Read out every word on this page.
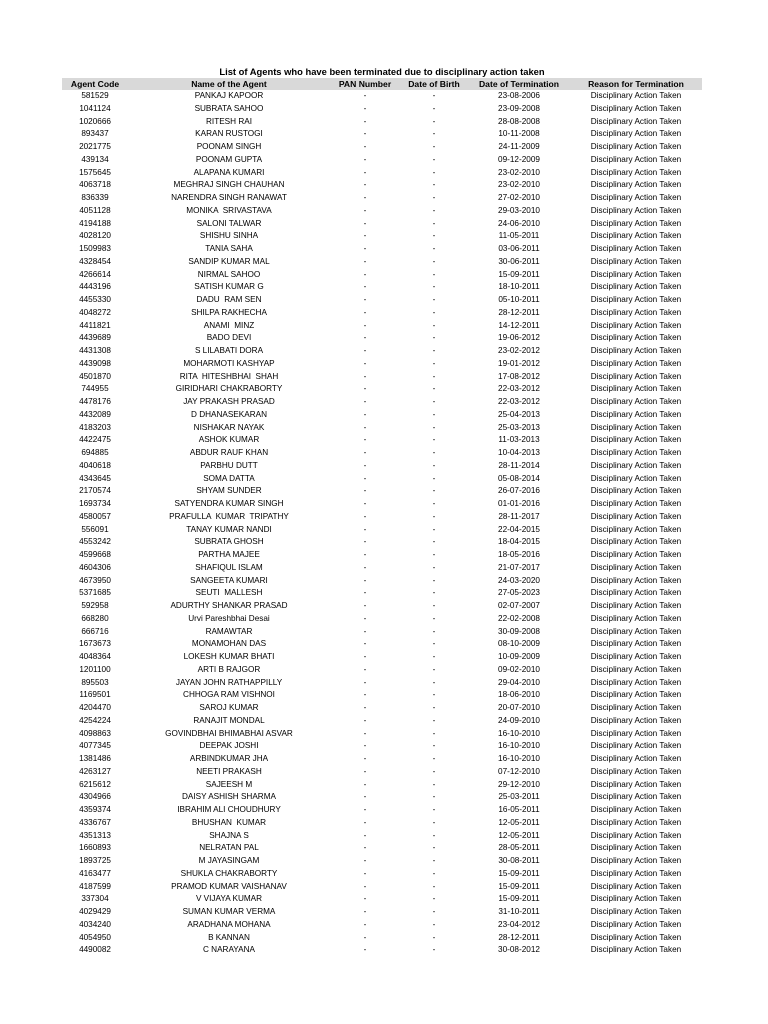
List of Agents who have been terminated due to disciplinary action taken
Agent Code	Name of the Agent	PAN Number	Date of Birth	Date of Termination	Reason for Termination
581529	PANKAJ KAPOOR	-	-	23-08-2006	Disciplinary Action Taken
1041124	SUBRATA SAHOO	-	-	23-09-2008	Disciplinary Action Taken
1020666	RITESH RAI	-	-	28-08-2008	Disciplinary Action Taken
893437	KARAN RUSTOGI	-	-	10-11-2008	Disciplinary Action Taken
2021775	POONAM SINGH	-	-	24-11-2009	Disciplinary Action Taken
439134	POONAM GUPTA	-	-	09-12-2009	Disciplinary Action Taken
1575645	ALAPANA KUMARI	-	-	23-02-2010	Disciplinary Action Taken
4063718	MEGHRAJ SINGH CHAUHAN	-	-	23-02-2010	Disciplinary Action Taken
836339	NARENDRA SINGH RANAWAT	-	-	27-02-2010	Disciplinary Action Taken
4051128	MONIKA  SRIVASTAVA	-	-	29-03-2010	Disciplinary Action Taken
4194188	SALONI TALWAR	-	-	24-06-2010	Disciplinary Action Taken
4028120	SHISHU SINHA	-	-	11-05-2011	Disciplinary Action Taken
1509983	TANIA SAHA	-	-	03-06-2011	Disciplinary Action Taken
4328454	SANDIP KUMAR MAL	-	-	30-06-2011	Disciplinary Action Taken
4266614	NIRMAL SAHOO	-	-	15-09-2011	Disciplinary Action Taken
4443196	SATISH KUMAR G	-	-	18-10-2011	Disciplinary Action Taken
4455330	DADU  RAM SEN	-	-	05-10-2011	Disciplinary Action Taken
4048272	SHILPA RAKHECHA	-	-	28-12-2011	Disciplinary Action Taken
4411821	ANAMI  MINZ	-	-	14-12-2011	Disciplinary Action Taken
4439689	BADO DEVI	-	-	19-06-2012	Disciplinary Action Taken
4431308	S LILABATI DORA	-	-	23-02-2012	Disciplinary Action Taken
4439098	MOHARMOTI KASHYAP	-	-	19-01-2012	Disciplinary Action Taken
4501870	RITA  HITESHBHAI  SHAH	-	-	17-08-2012	Disciplinary Action Taken
744955	GIRIDHARI CHAKRABORTY	-	-	22-03-2012	Disciplinary Action Taken
4478176	JAY PRAKASH PRASAD	-	-	22-03-2012	Disciplinary Action Taken
4432089	D DHANASEKARAN	-	-	25-04-2013	Disciplinary Action Taken
4183203	NISHAKAR NAYAK	-	-	25-03-2013	Disciplinary Action Taken
4422475	ASHOK KUMAR	-	-	11-03-2013	Disciplinary Action Taken
694885	ABDUR RAUF KHAN	-	-	10-04-2013	Disciplinary Action Taken
4040618	PARBHU DUTT	-	-	28-11-2014	Disciplinary Action Taken
4343645	SOMA DATTA	-	-	05-08-2014	Disciplinary Action Taken
2170574	SHYAM SUNDER	-	-	26-07-2016	Disciplinary Action Taken
1693734	SATYENDRA KUMAR SINGH	-	-	01-01-2016	Disciplinary Action Taken
4580057	PRAFULLA  KUMAR  TRIPATHY	-	-	28-11-2017	Disciplinary Action Taken
556091	TANAY KUMAR NANDI	-	-	22-04-2015	Disciplinary Action Taken
4553242	SUBRATA GHOSH	-	-	18-04-2015	Disciplinary Action Taken
4599668	PARTHA MAJEE	-	-	18-05-2016	Disciplinary Action Taken
4604306	SHAFIQUL ISLAM	-	-	21-07-2017	Disciplinary Action Taken
4673950	SANGEETA KUMARI	-	-	24-03-2020	Disciplinary Action Taken
5371685	SEUTI  MALLESH	-	-	27-05-2023	Disciplinary Action Taken
592958	ADURTHY SHANKAR PRASAD	-	-	02-07-2007	Disciplinary Action Taken
668280	Urvi Pareshbhai Desai	-	-	22-02-2008	Disciplinary Action Taken
666716	RAMAWTAR	-	-	30-09-2008	Disciplinary Action Taken
1673673	MONAMOHAN DAS	-	-	08-10-2009	Disciplinary Action Taken
4048364	LOKESH KUMAR BHATI	-	-	10-09-2009	Disciplinary Action Taken
1201100	ARTI B RAJGOR	-	-	09-02-2010	Disciplinary Action Taken
895503	JAYAN JOHN RATHAPPILLY	-	-	29-04-2010	Disciplinary Action Taken
1169501	CHHOGA RAM VISHNOI	-	-	18-06-2010	Disciplinary Action Taken
4204470	SAROJ KUMAR	-	-	20-07-2010	Disciplinary Action Taken
4254224	RANAJIT MONDAL	-	-	24-09-2010	Disciplinary Action Taken
4098863	GOVINDBHAI BHIMABHAI ASVAR	-	-	16-10-2010	Disciplinary Action Taken
4077345	DEEPAK JOSHI	-	-	16-10-2010	Disciplinary Action Taken
1381486	ARBINDKUMAR JHA	-	-	16-10-2010	Disciplinary Action Taken
4263127	NEETI PRAKASH	-	-	07-12-2010	Disciplinary Action Taken
6215612	SAJEESH M	-	-	29-12-2010	Disciplinary Action Taken
4304966	DAISY ASHISH SHARMA	-	-	25-03-2011	Disciplinary Action Taken
4359374	IBRAHIM ALI CHOUDHURY	-	-	16-05-2011	Disciplinary Action Taken
4336767	BHUSHAN  KUMAR	-	-	12-05-2011	Disciplinary Action Taken
4351313	SHAJNA S	-	-	12-05-2011	Disciplinary Action Taken
1660893	NELRATAN PAL	-	-	28-05-2011	Disciplinary Action Taken
1893725	M JAYASINGAM	-	-	30-08-2011	Disciplinary Action Taken
4163477	SHUKLA CHAKRABORTY	-	-	15-09-2011	Disciplinary Action Taken
4187599	PRAMOD KUMAR VAISHANAV	-	-	15-09-2011	Disciplinary Action Taken
337304	V VIJAYA KUMAR	-	-	15-09-2011	Disciplinary Action Taken
4029429	SUMAN KUMAR VERMA	-	-	31-10-2011	Disciplinary Action Taken
4034240	ARADHANA MOHANA	-	-	23-04-2012	Disciplinary Action Taken
4054950	B KANNAN	-	-	28-12-2011	Disciplinary Action Taken
4490082	C NARAYANA	-	-	30-08-2012	Disciplinary Action Taken
